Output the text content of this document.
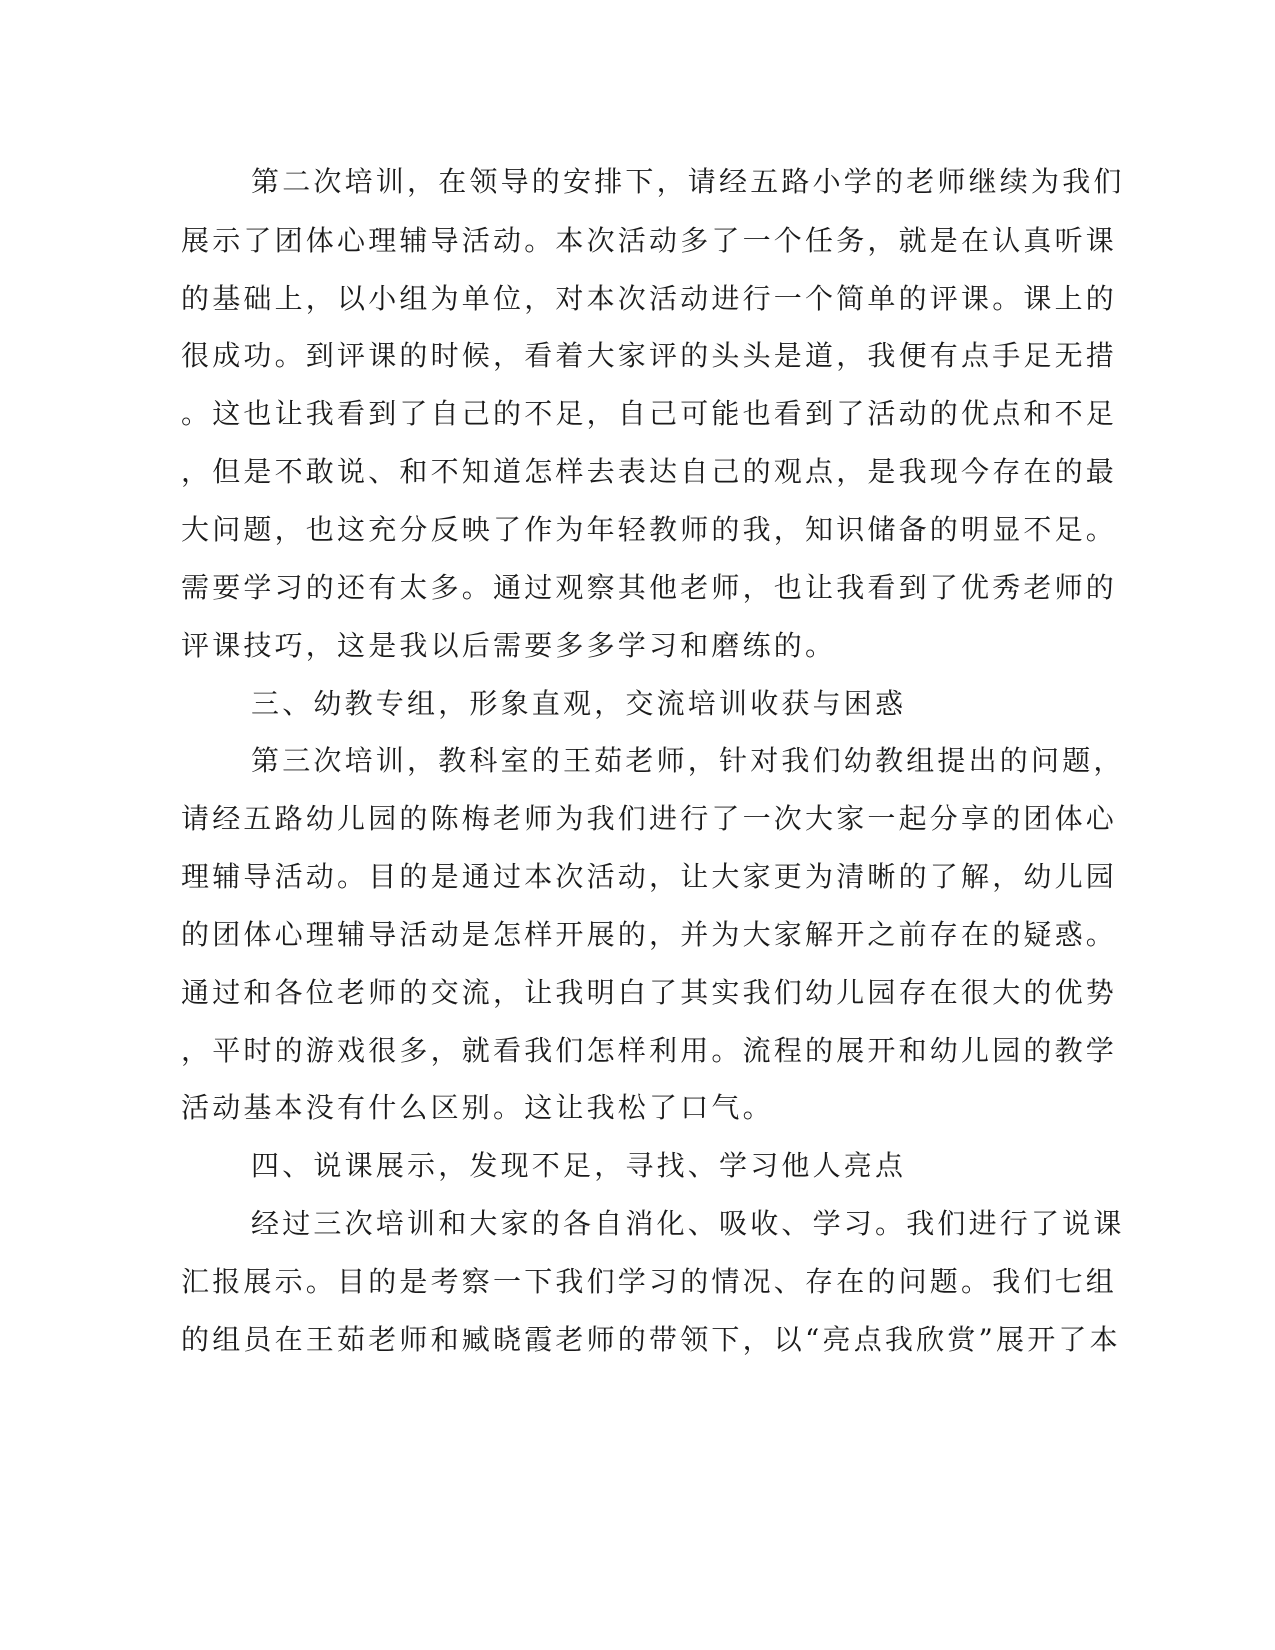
第二次培训，在领导的安排下，请经五路小学的老师继续为我们
展示了团体心理辅导活动。本次活动多了一个任务，就是在认真听课
的基础上，以小组为单位，对本次活动进行一个简单的评课。课上的
很成功。到评课的时候，看着大家评的头头是道，我便有点手足无措
。这也让我看到了自己的不足，自己可能也看到了活动的优点和不足
，但是不敢说、和不知道怎样去表达自己的观点，是我现今存在的最
大问题，也这充分反映了作为年轻教师的我，知识储备的明显不足。
需要学习的还有太多。通过观察其他老师，也让我看到了优秀老师的
评课技巧，这是我以后需要多多学习和磨练的。
三、幼教专组，形象直观，交流培训收获与困惑
第三次培训，教科室的王茹老师，针对我们幼教组提出的问题，
请经五路幼儿园的陈梅老师为我们进行了一次大家一起分享的团体心
理辅导活动。目的是通过本次活动，让大家更为清晰的了解，幼儿园
的团体心理辅导活动是怎样开展的，并为大家解开之前存在的疑惑。
通过和各位老师的交流，让我明白了其实我们幼儿园存在很大的优势
，平时的游戏很多，就看我们怎样利用。流程的展开和幼儿园的教学
活动基本没有什么区别。这让我松了口气。
四、说课展示，发现不足，寻找、学习他人亮点
经过三次培训和大家的各自消化、吸收、学习。我们进行了说课
汇报展示。目的是考察一下我们学习的情况、存在的问题。我们七组
的组员在王茹老师和臧晓霞老师的带领下，以“亮点我欣赏”展开了本
